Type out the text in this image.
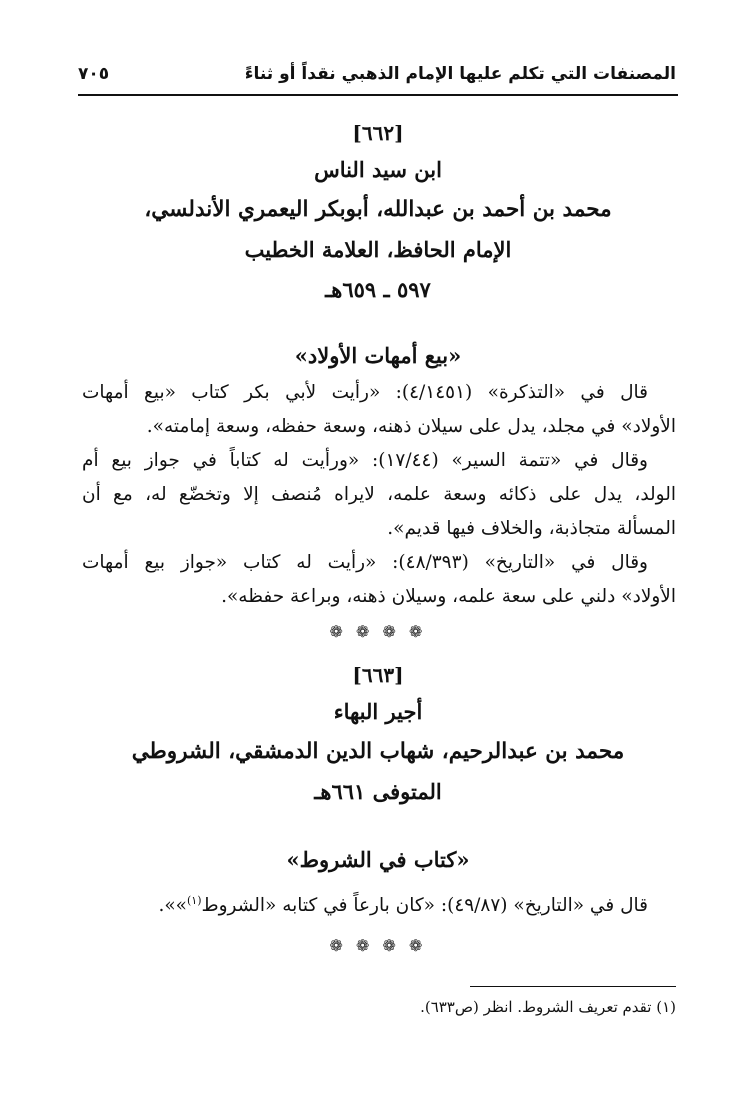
المصنفات التي تكلم عليها الإمام الذهبي نقداً أو ثناءً
٧٠٥
[٦٦٢]
ابن سيد الناس
محمد بن أحمد بن عبدالله، أبوبكر اليعمري الأندلسي،
الإمام الحافظ، العلامة الخطيب
٥٩٧ ـ ٦٥٩هـ
«بيع أمهات الأولاد»
قال في «التذكرة» (٤/١٤٥١): «رأيت لأبي بكر كتاب «بيع أمهات
الأولاد» في مجلد، يدل على سيلان ذهنه، وسعة حفظه، وسعة إمامته».
وقال في «تتمة السير» (١٧/٤٤): «ورأيت له كتاباً في جواز بيع أم
الولد، يدل على ذكائه وسعة علمه، لايراه مُنصف إلا وتخضّع له، مع أن
المسألة متجاذبة، والخلاف فيها قديم».
وقال في «التاريخ» (٤٨/٣٩٣): «رأيت له كتاب «جواز بيع أمهات
الأولاد» دلني على سعة علمه، وسيلان ذهنه، وبراعة حفظه».
❁ ❁ ❁ ❁
[٦٦٣]
أجير البهاء
محمد بن عبدالرحيم، شهاب الدين الدمشقي، الشروطي
المتوفى ٦٦١هـ
«كتاب في الشروط»
قال في «التاريخ» (٤٩/٨٧): «كان بارعاً في كتابه «الشروط$^{(١)}$»».
❁ ❁ ❁ ❁
(١) تقدم تعريف الشروط. انظر (ص٦٣٣).
